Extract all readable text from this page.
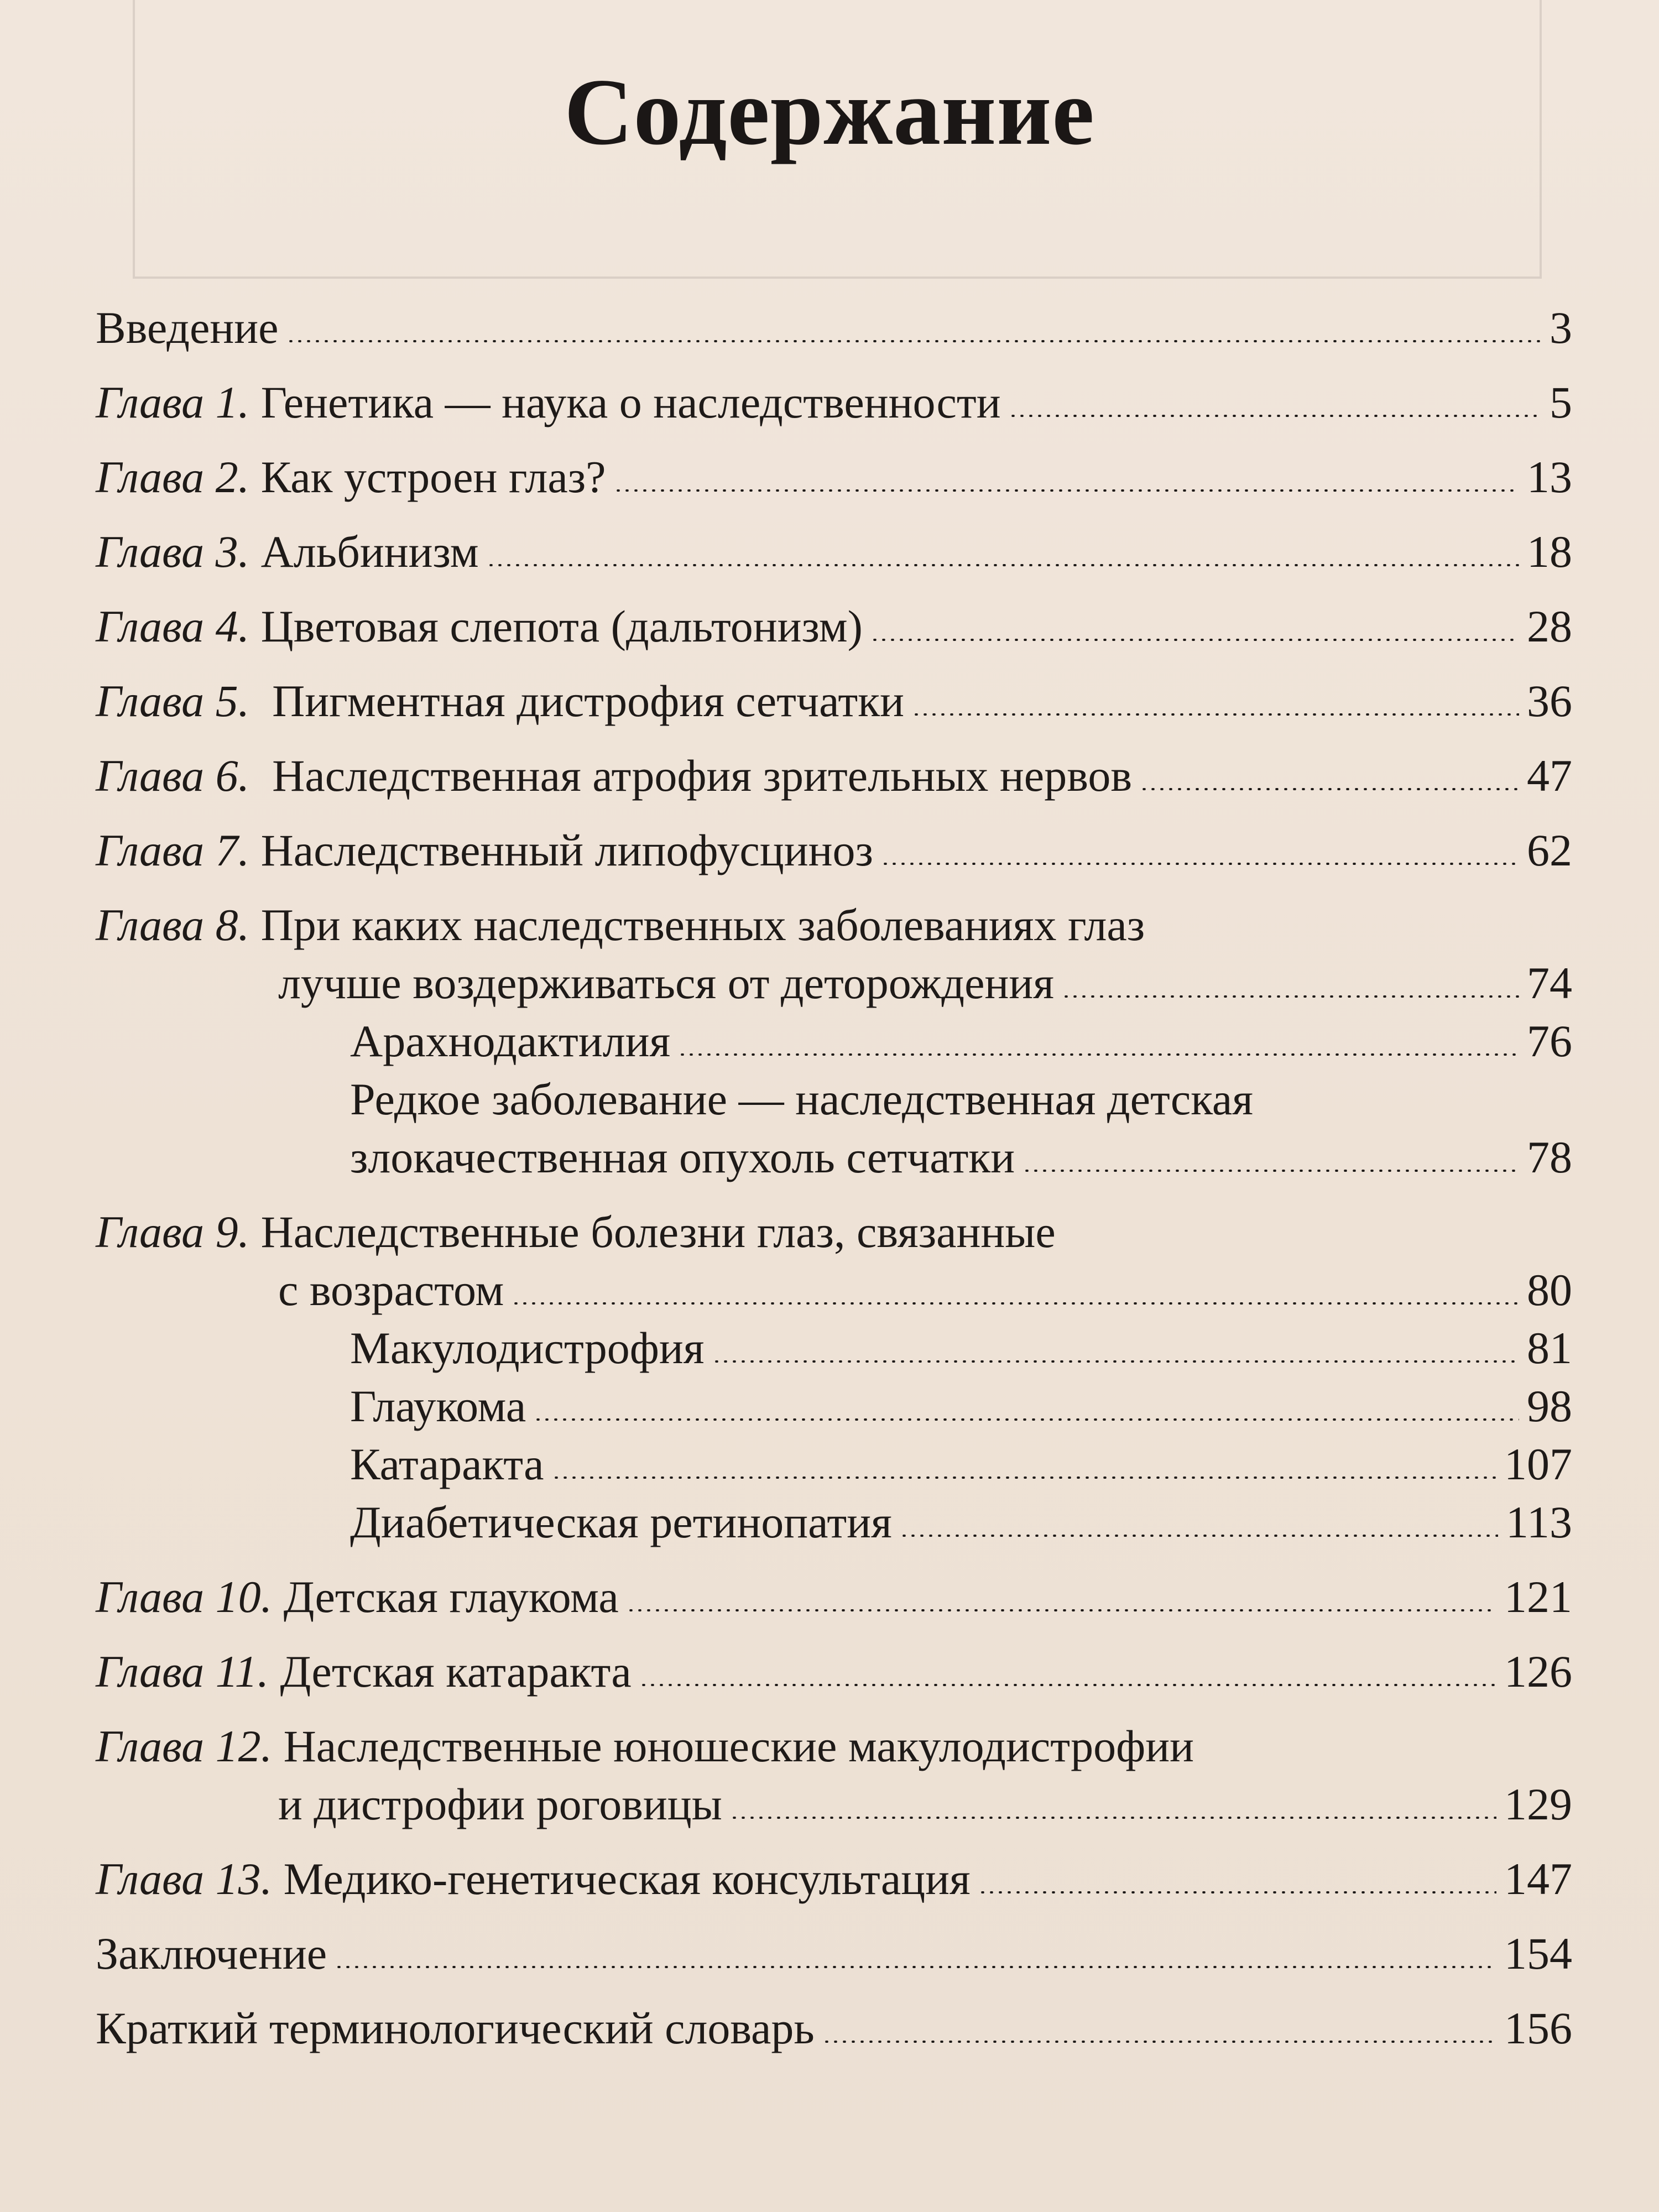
Содержание
Введение	3
Глава 1. Генетика — наука о наследственности	5
Глава 2. Как устроен глаз?	13
Глава 3. Альбинизм	18
Глава 4. Цветовая слепота (дальтонизм)	28
Глава 5. Пигментная дистрофия сетчатки	36
Глава 6. Наследственная атрофия зрительных нервов	47
Глава 7. Наследственный липофусциноз	62
Глава 8. При каких наследственных заболеваниях глаз
лучше воздерживаться от деторождения	74
Арахнодактилия	76
Редкое заболевание — наследственная детская
злокачественная опухоль сетчатки	78
Глава 9. Наследственные болезни глаз, связанные
с возрастом	80
Макулодистрофия	81
Глаукома	98
Катаракта	107
Диабетическая ретинопатия	113
Глава 10. Детская глаукома	121
Глава 11. Детская катаракта	126
Глава 12. Наследственные юношеские макулодистрофии
и дистрофии роговицы	129
Глава 13. Медико-генетическая консультация	147
Заключение	154
Краткий терминологический словарь	156
